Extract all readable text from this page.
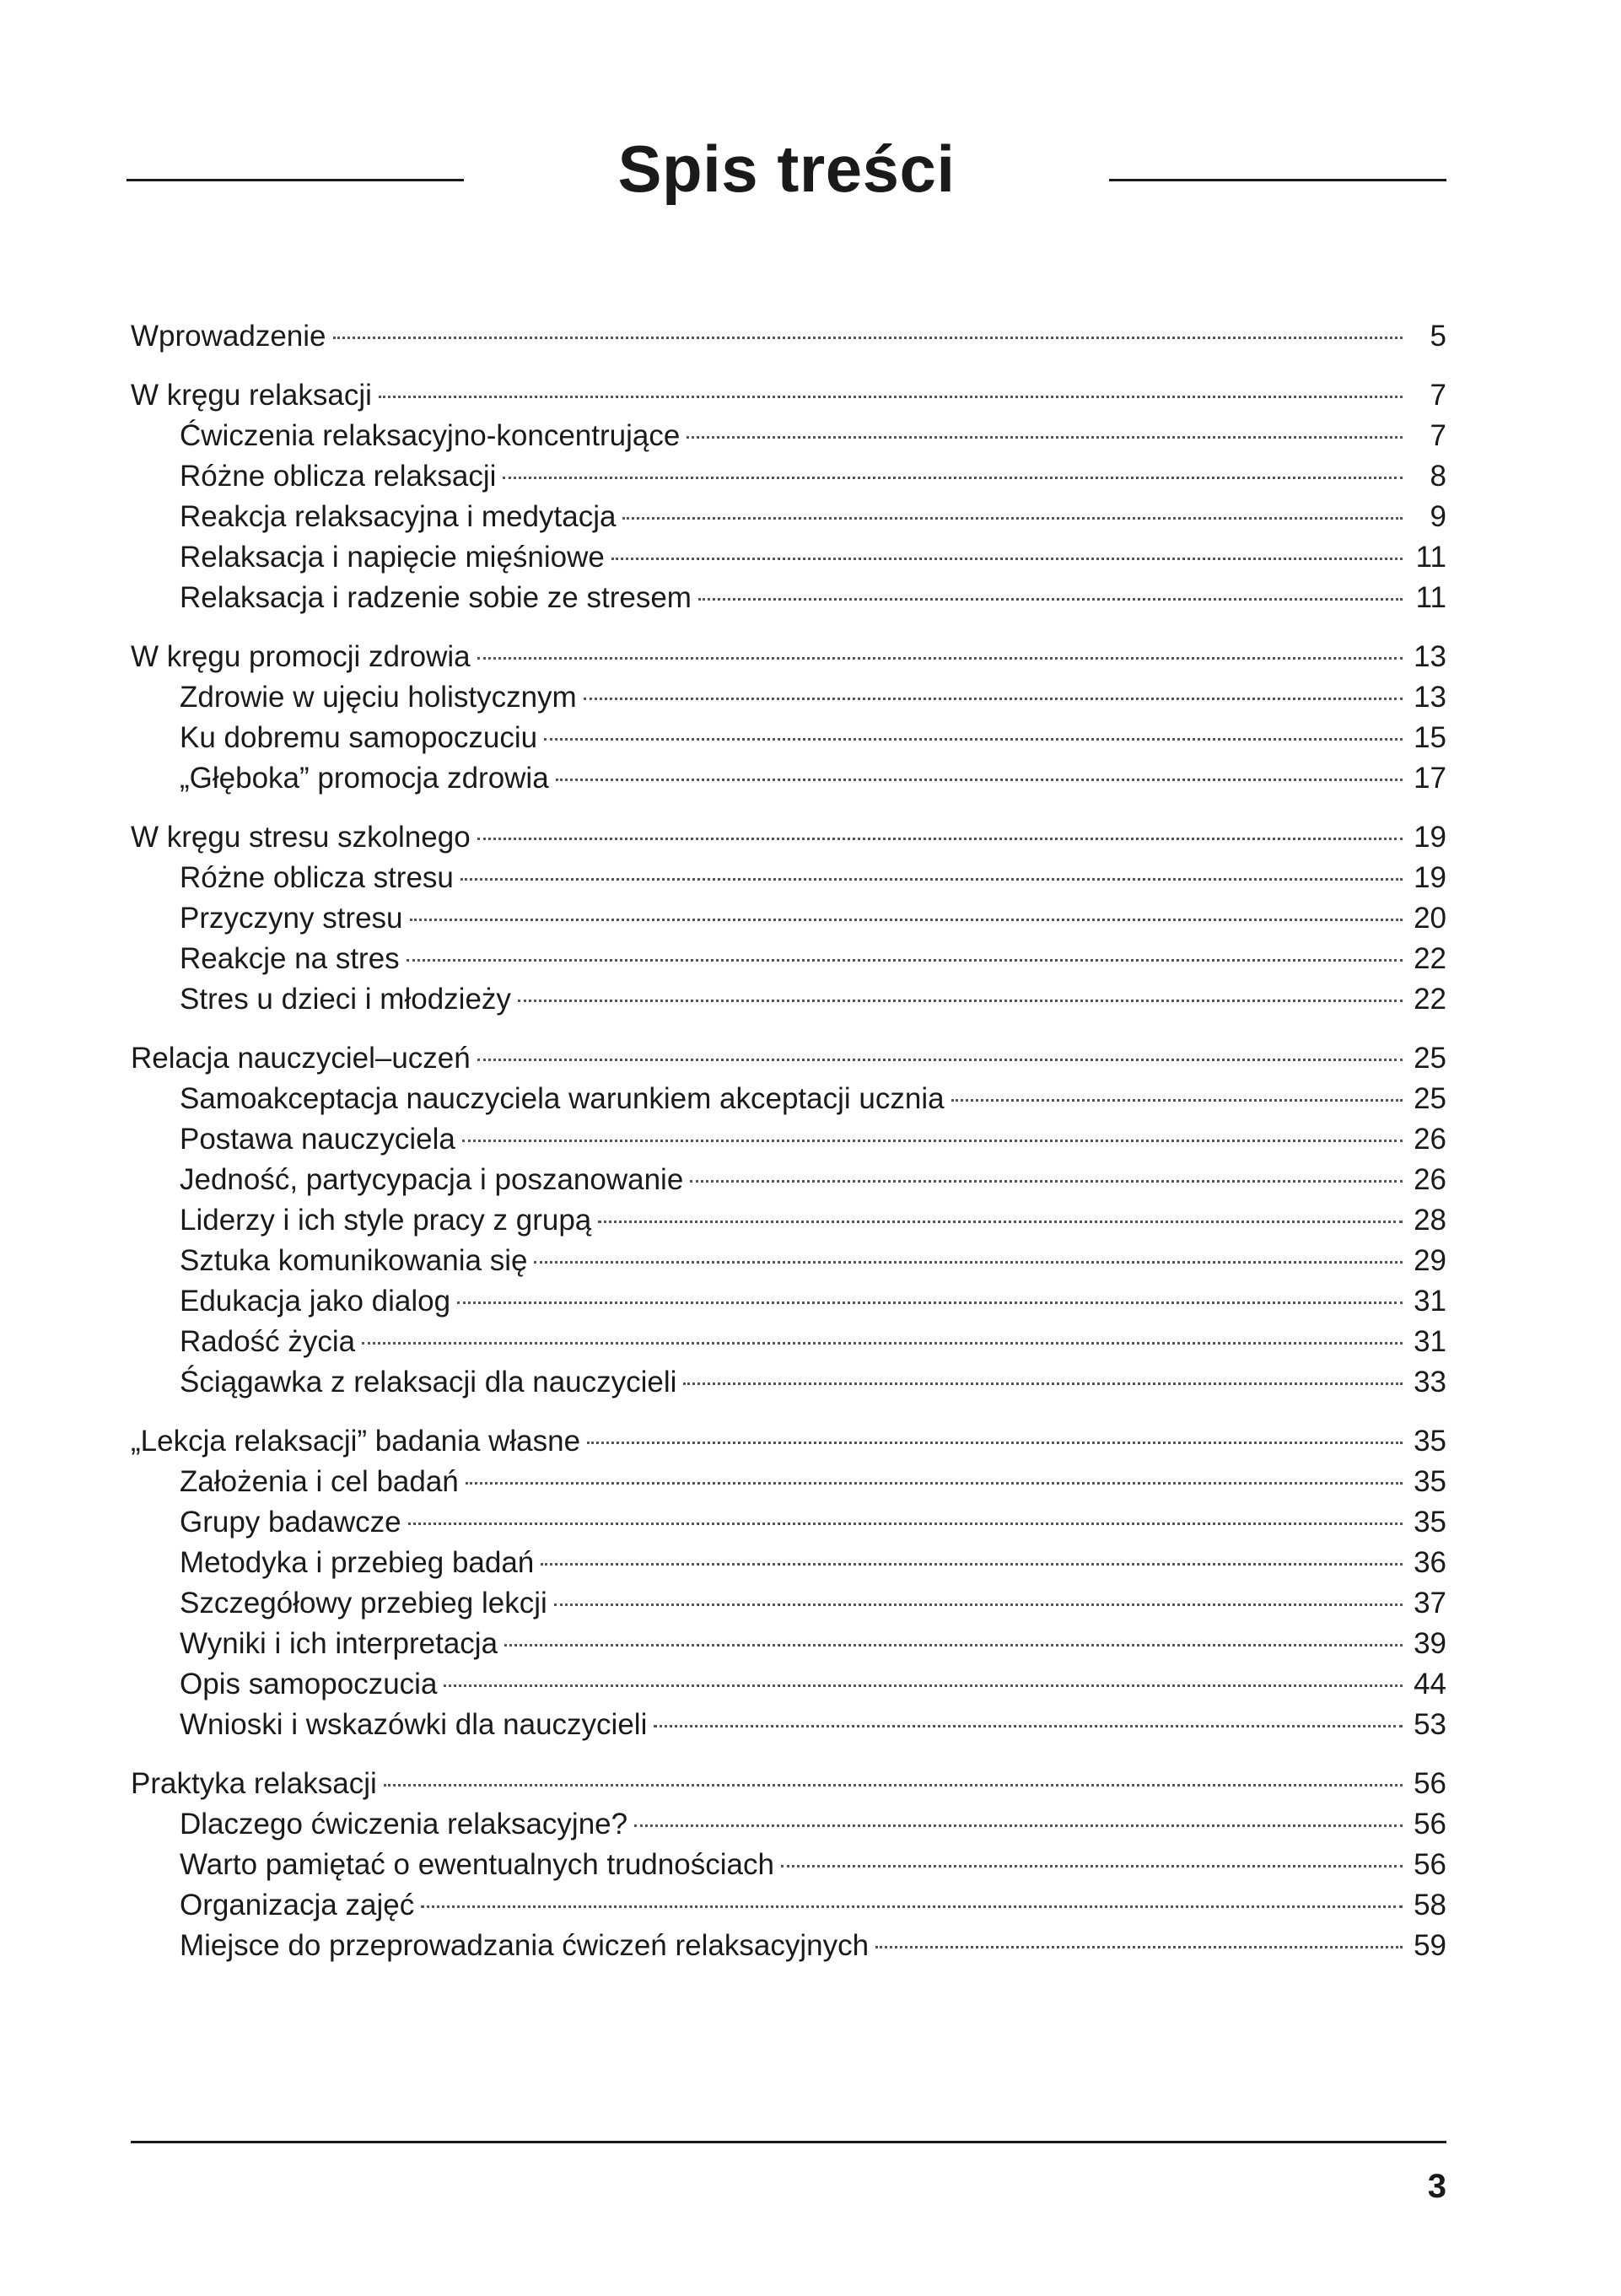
Spis treści
Wprowadzenie	5
W kręgu relaksacji	7
Ćwiczenia relaksacyjno-koncentrujące	7
Różne oblicza relaksacji	8
Reakcja relaksacyjna i medytacja	9
Relaksacja i napięcie mięśniowe	11
Relaksacja i radzenie sobie ze stresem	11
W kręgu promocji zdrowia	13
Zdrowie w ujęciu holistycznym	13
Ku dobremu samopoczuciu	15
„Głęboka” promocja zdrowia	17
W kręgu stresu szkolnego	19
Różne oblicza stresu	19
Przyczyny stresu	20
Reakcje na stres	22
Stres u dzieci i młodzieży	22
Relacja nauczyciel–uczeń	25
Samoakceptacja nauczyciela warunkiem akceptacji ucznia	25
Postawa nauczyciela	26
Jedność, partycypacja i poszanowanie	26
Liderzy i ich style pracy z grupą	28
Sztuka komunikowania się	29
Edukacja jako dialog	31
Radość życia	31
Ściągawka z relaksacji dla nauczycieli	33
„Lekcja relaksacji” badania własne	35
Założenia i cel badań	35
Grupy badawcze	35
Metodyka i przebieg badań	36
Szczegółowy przebieg lekcji	37
Wyniki i ich interpretacja	39
Opis samopoczucia	44
Wnioski i wskazówki dla nauczycieli	53
Praktyka relaksacji	56
Dlaczego ćwiczenia relaksacyjne?	56
Warto pamiętać o ewentualnych trudnościach	56
Organizacja zajęć	58
Miejsce do przeprowadzania ćwiczeń relaksacyjnych	59
3
